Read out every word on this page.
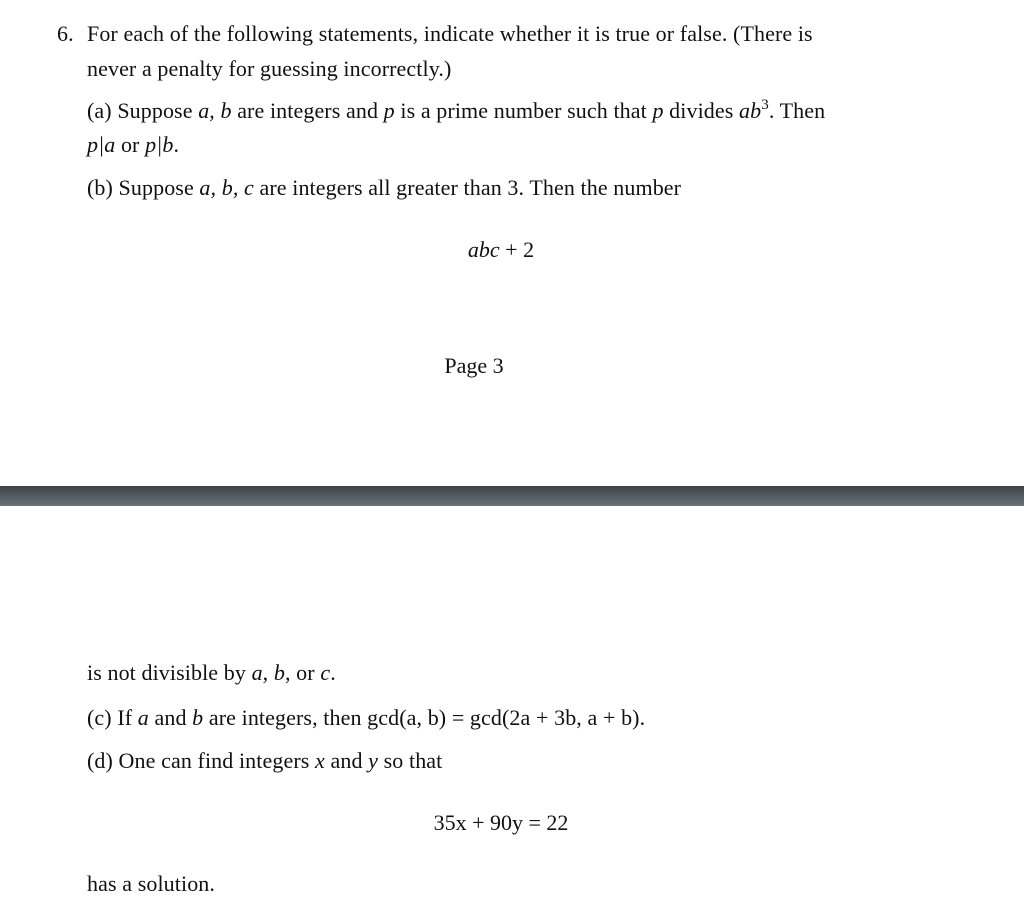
6. For each of the following statements, indicate whether it is true or false. (There is
never a penalty for guessing incorrectly.)
(a) Suppose a, b are integers and p is a prime number such that p divides $ab^3$. Then
p|a or p|b.
(b) Suppose a, b, c are integers all greater than 3. Then the number
abc + 2
Page 3
is not divisible by a, b, or c.
(c) If a and b are integers, then gcd(a, b) = gcd(2a + 3b, a + b).
(d) One can find integers x and y so that
35x + 90y = 22
has a solution.
